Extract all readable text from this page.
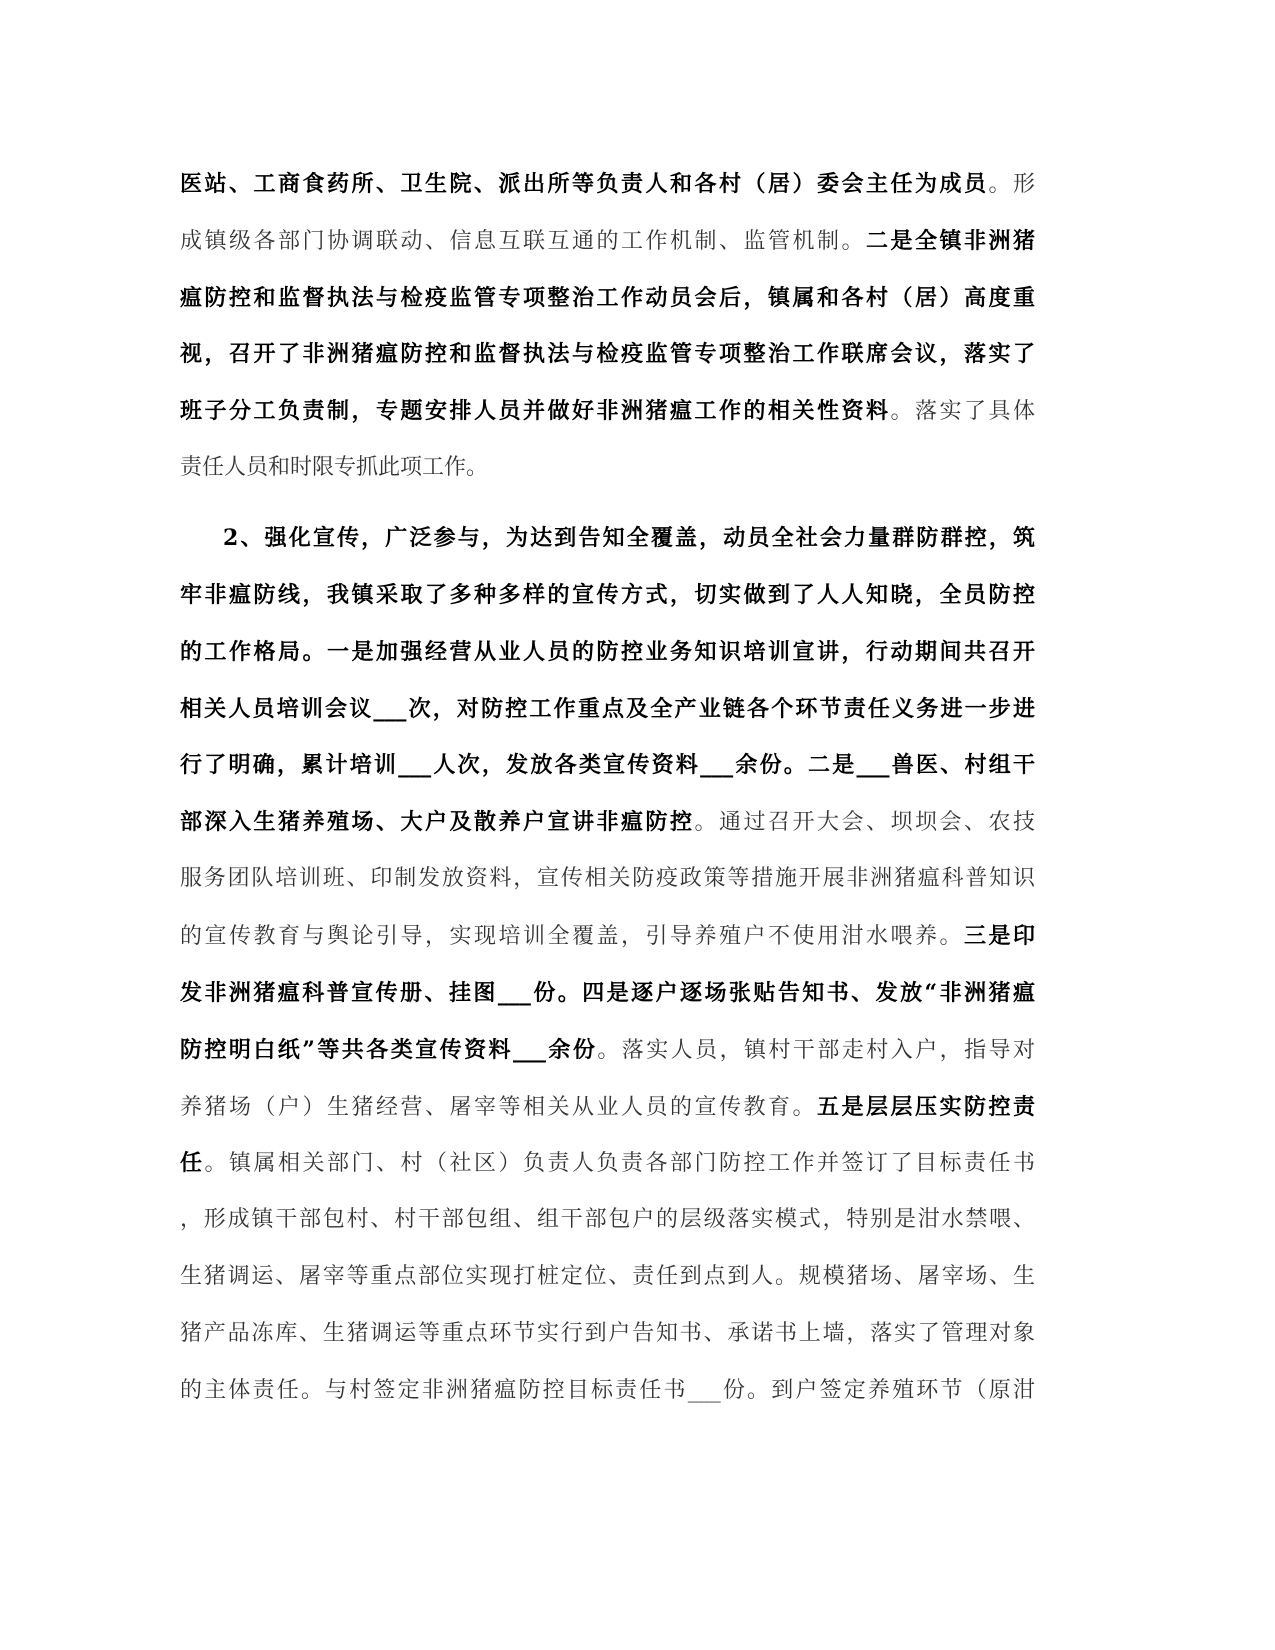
医站、工商食药所、卫生院、派出所等负责人和各村（居）委会主任为成员。形
成镇级各部门协调联动、信息互联互通的工作机制、监管机制。二是全镇非洲猪
瘟防控和监督执法与检疫监管专项整治工作动员会后，镇属和各村（居）高度重
视，召开了非洲猪瘟防控和监督执法与检疫监管专项整治工作联席会议，落实了
班子分工负责制，专题安排人员并做好非洲猪瘟工作的相关性资料。落实了具体
责任人员和时限专抓此项工作。
2、强化宣传，广泛参与，为达到告知全覆盖，动员全社会力量群防群控，筑
牢非瘟防线，我镇采取了多种多样的宣传方式，切实做到了人人知晓，全员防控
的工作格局。一是加强经营从业人员的防控业务知识培训宣讲，行动期间共召开
相关人员培训会议___次，对防控工作重点及全产业链各个环节责任义务进一步进
行了明确，累计培训___人次，发放各类宣传资料___余份。二是___兽医、村组干
部深入生猪养殖场、大户及散养户宣讲非瘟防控。通过召开大会、坝坝会、农技
服务团队培训班、印制发放资料，宣传相关防疫政策等措施开展非洲猪瘟科普知识
的宣传教育与舆论引导，实现培训全覆盖，引导养殖户不使用泔水喂养。三是印
发非洲猪瘟科普宣传册、挂图___份。四是逐户逐场张贴告知书、发放“非洲猪瘟
防控明白纸”等共各类宣传资料___余份。落实人员，镇村干部走村入户，指导对
养猪场（户）生猪经营、屠宰等相关从业人员的宣传教育。五是层层压实防控责
任。镇属相关部门、村（社区）负责人负责各部门防控工作并签订了目标责任书
，形成镇干部包村、村干部包组、组干部包户的层级落实模式，特别是泔水禁喂、
生猪调运、屠宰等重点部位实现打桩定位、责任到点到人。规模猪场、屠宰场、生
猪产品冻库、生猪调运等重点环节实行到户告知书、承诺书上墙，落实了管理对象
的主体责任。与村签定非洲猪瘟防控目标责任书___份。到户签定养殖环节（原泔
